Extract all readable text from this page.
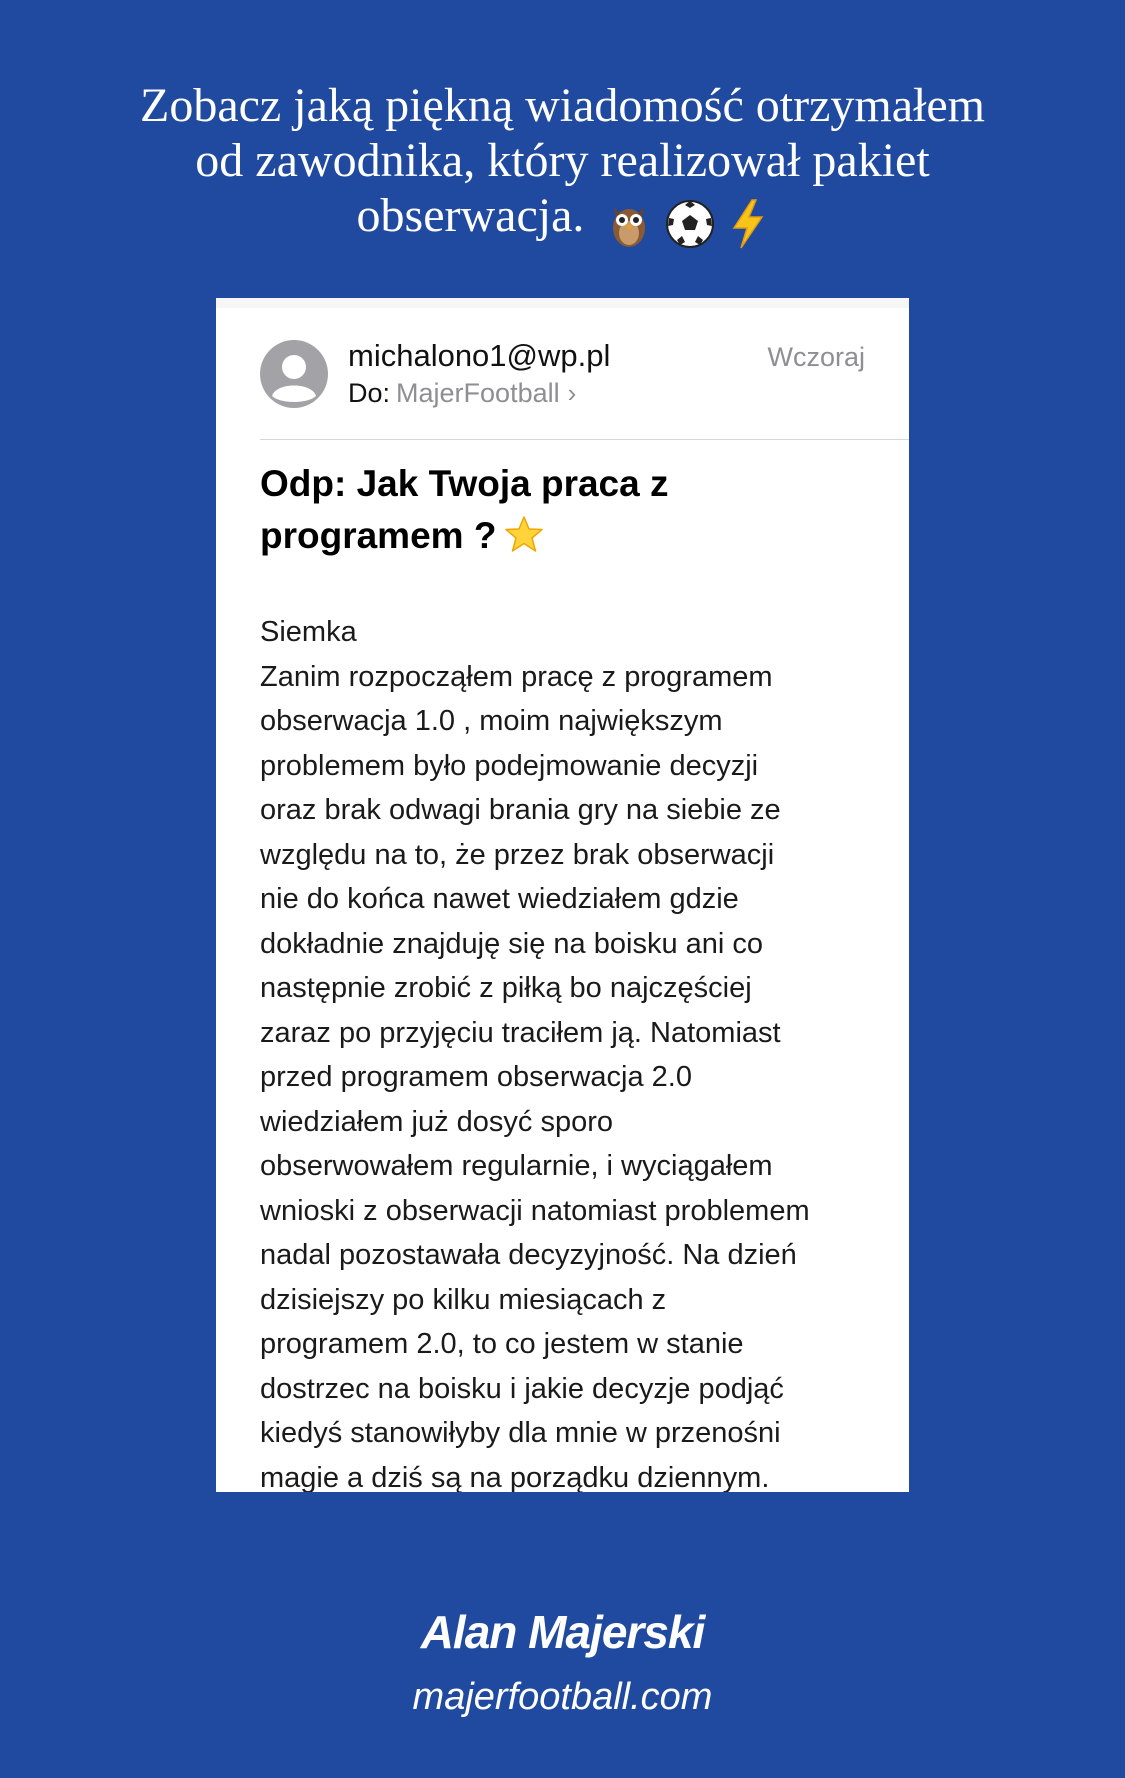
Zobacz jaką piękną wiadomość otrzymałem
od zawodnika, który realizował pakiet
obserwacja.
michalono1@wp.pl
Do: MajerFootball ›
Wczoraj
Odp: Jak Twoja praca z
programem ?
Siemka
Zanim rozpocząłem pracę z programem
obserwacja 1.0 , moim największym
problemem było podejmowanie decyzji
oraz brak odwagi brania gry na siebie ze
względu na to, że przez brak obserwacji
nie do końca nawet wiedziałem gdzie
dokładnie znajduję się na boisku ani co
następnie zrobić z piłką bo najczęściej
zaraz po przyjęciu traciłem ją. Natomiast
przed programem obserwacja 2.0
wiedziałem już dosyć sporo
obserwowałem regularnie, i wyciągałem
wnioski z obserwacji natomiast problemem
nadal pozostawała decyzyjność. Na dzień
dzisiejszy po kilku miesiącach z
programem 2.0, to co jestem w stanie
dostrzec na boisku i jakie decyzje podjąć
kiedyś stanowiłyby dla mnie w przenośni
magie a dziś są na porządku dziennym.
Alan Majerski
majerfootball.com
